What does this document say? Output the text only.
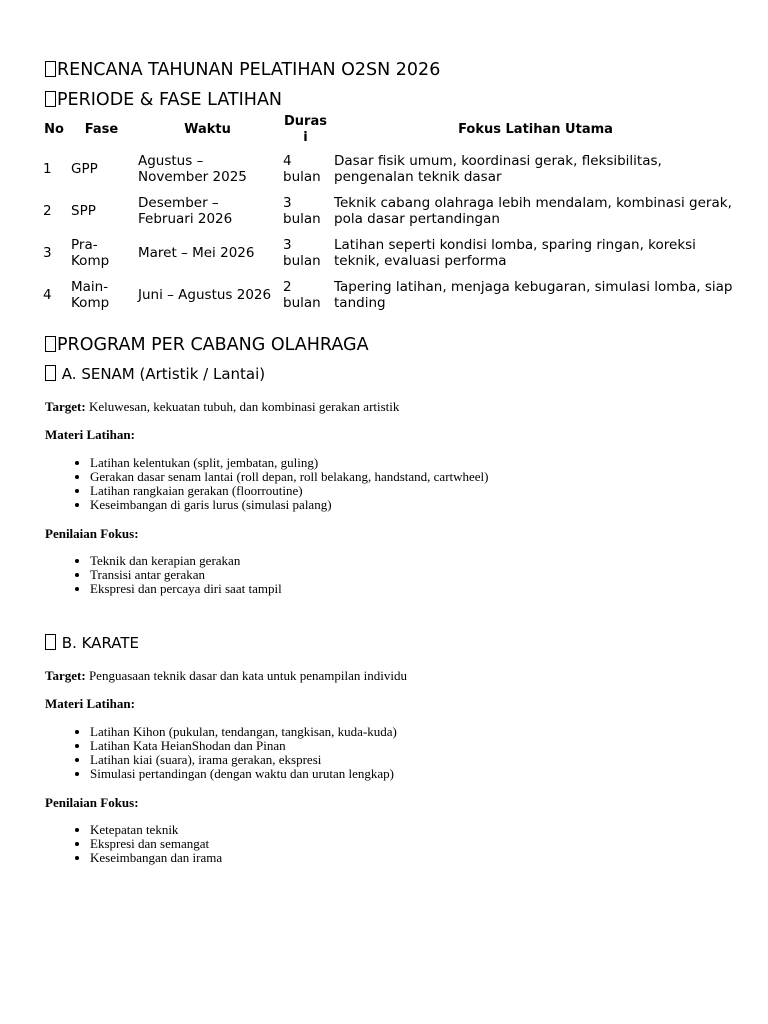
RENCANA TAHUNAN PELATIHAN O2SN 2026
PERIODE & FASE LATIHAN
No	Fase	Waktu	Durasi	Fokus Latihan Utama
1	GPP	Agustus – November 2025	4 bulan	Dasar fisik umum, koordinasi gerak, fleksibilitas, pengenalan teknik dasar
2	SPP	Desember – Februari 2026	3 bulan	Teknik cabang olahraga lebih mendalam, kombinasi gerak, pola dasar pertandingan
3	Pra-Komp	Maret – Mei 2026	3 bulan	Latihan seperti kondisi lomba, sparing ringan, koreksi teknik, evaluasi performa
4	Main-Komp	Juni – Agustus 2026	2 bulan	Tapering latihan, menjaga kebugaran, simulasi lomba, siap tanding
PROGRAM PER CABANG OLAHRAGA
A. SENAM (Artistik / Lantai)
Target: Keluwesan, kekuatan tubuh, dan kombinasi gerakan artistik
Materi Latihan:
• Latihan kelentukan (split, jembatan, guling)
• Gerakan dasar senam lantai (roll depan, roll belakang, handstand, cartwheel)
• Latihan rangkaian gerakan (floorroutine)
• Keseimbangan di garis lurus (simulasi palang)
Penilaian Fokus:
• Teknik dan kerapian gerakan
• Transisi antar gerakan
• Ekspresi dan percaya diri saat tampil
B. KARATE
Target: Penguasaan teknik dasar dan kata untuk penampilan individu
Materi Latihan:
• Latihan Kihon (pukulan, tendangan, tangkisan, kuda-kuda)
• Latihan Kata HeianShodan dan Pinan
• Latihan kiai (suara), irama gerakan, ekspresi
• Simulasi pertandingan (dengan waktu dan urutan lengkap)
Penilaian Fokus:
• Ketepatan teknik
• Ekspresi dan semangat
• Keseimbangan dan irama
